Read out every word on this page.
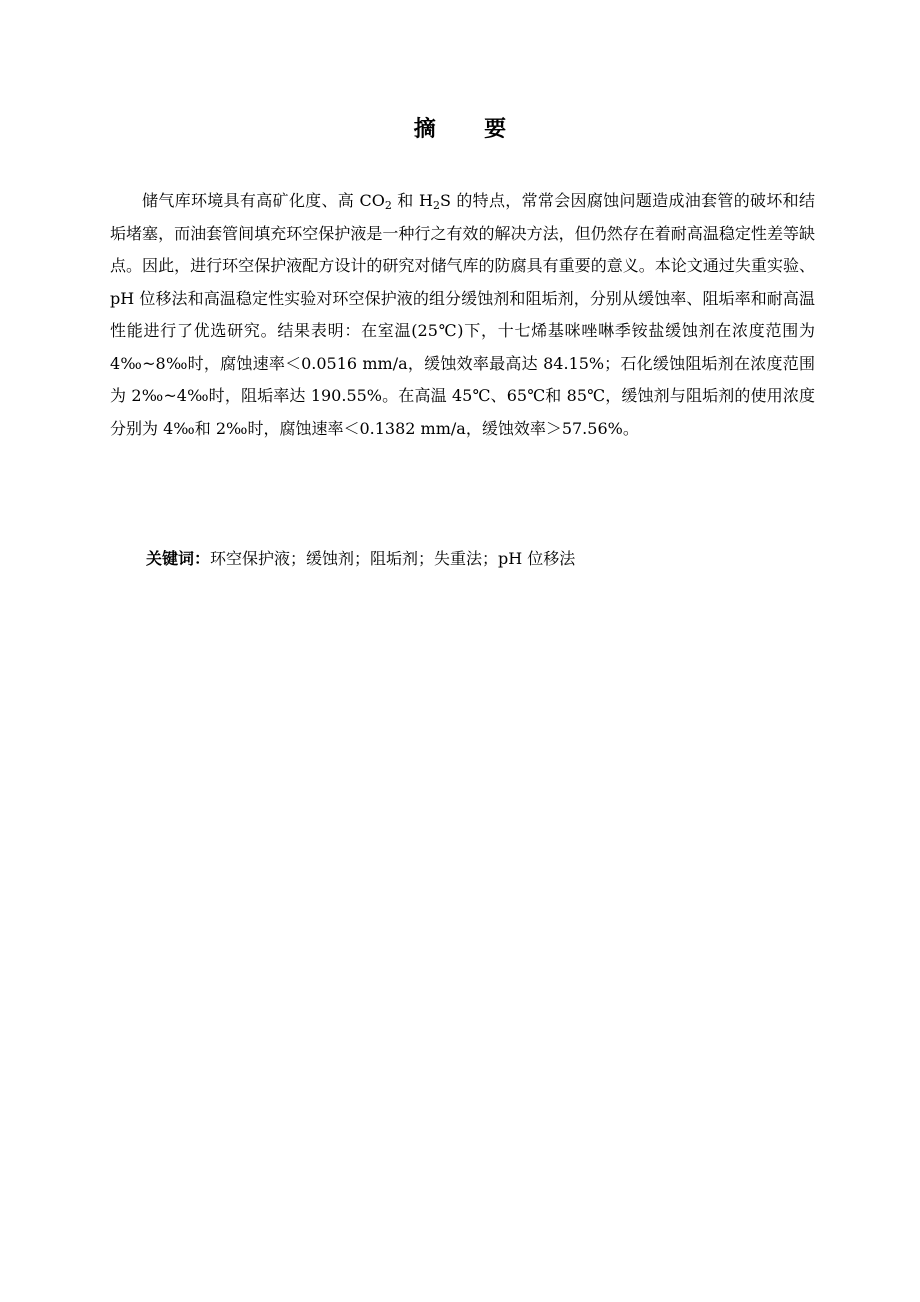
摘　要

储气库环境具有高矿化度、高 $CO_2$ 和 $H_2S$ 的特点，常常会因腐蚀问题造成油套管的破坏和结垢堵塞，而油套管间填充环空保护液是一种行之有效的解决方法，但仍然存在着耐高温稳定性差等缺点。因此，进行环空保护液配方设计的研究对储气库的防腐具有重要的意义。本论文通过失重实验、pH 位移法和高温稳定性实验对环空保护液的组分缓蚀剂和阻垢剂，分别从缓蚀率、阻垢率和耐高温性能进行了优选研究。结果表明：在室温(25℃)下，十七烯基咪唑啉季铵盐缓蚀剂在浓度范围为 4‰~8‰时，腐蚀速率＜0.0516 mm/a，缓蚀效率最高达 84.15%；石化缓蚀阻垢剂在浓度范围为 2‰~4‰时，阻垢率达 190.55%。在高温 45℃、65℃和 85℃，缓蚀剂与阻垢剂的使用浓度分别为 4‰和 2‰时，腐蚀速率＜0.1382 mm/a，缓蚀效率＞57.56%。

关键词：环空保护液；缓蚀剂；阻垢剂；失重法；pH 位移法
